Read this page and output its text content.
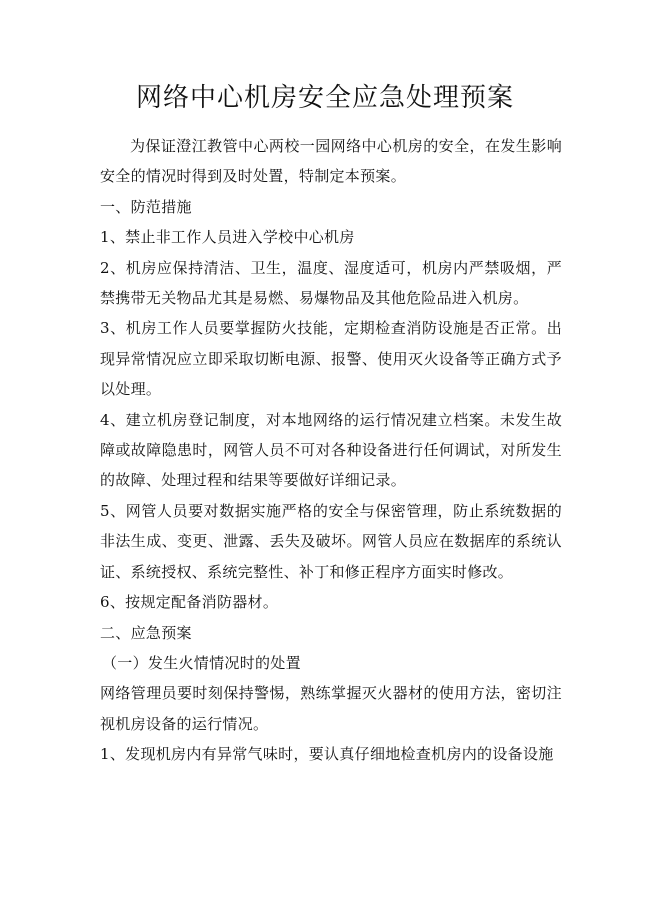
网络中心机房安全应急处理预案

为保证澄江教管中心两校一园网络中心机房的安全，在发生影响安全的情况时得到及时处置，特制定本预案。

一、防范措施

1、禁止非工作人员进入学校中心机房

2、机房应保持清洁、卫生，温度、湿度适可，机房内严禁吸烟，严禁携带无关物品尤其是易燃、易爆物品及其他危险品进入机房。

3、机房工作人员要掌握防火技能，定期检查消防设施是否正常。出现异常情况应立即采取切断电源、报警、使用灭火设备等正确方式予以处理。

4、建立机房登记制度，对本地网络的运行情况建立档案。未发生故障或故障隐患时，网管人员不可对各种设备进行任何调试，对所发生的故障、处理过程和结果等要做好详细记录。

5、网管人员要对数据实施严格的安全与保密管理，防止系统数据的非法生成、变更、泄露、丢失及破坏。网管人员应在数据库的系统认证、系统授权、系统完整性、补丁和修正程序方面实时修改。

6、按规定配备消防器材。

二、应急预案

（一）发生火情情况时的处置

网络管理员要时刻保持警惕，熟练掌握灭火器材的使用方法，密切注视机房设备的运行情况。

1、发现机房内有异常气味时，要认真仔细地检查机房内的设备设施
